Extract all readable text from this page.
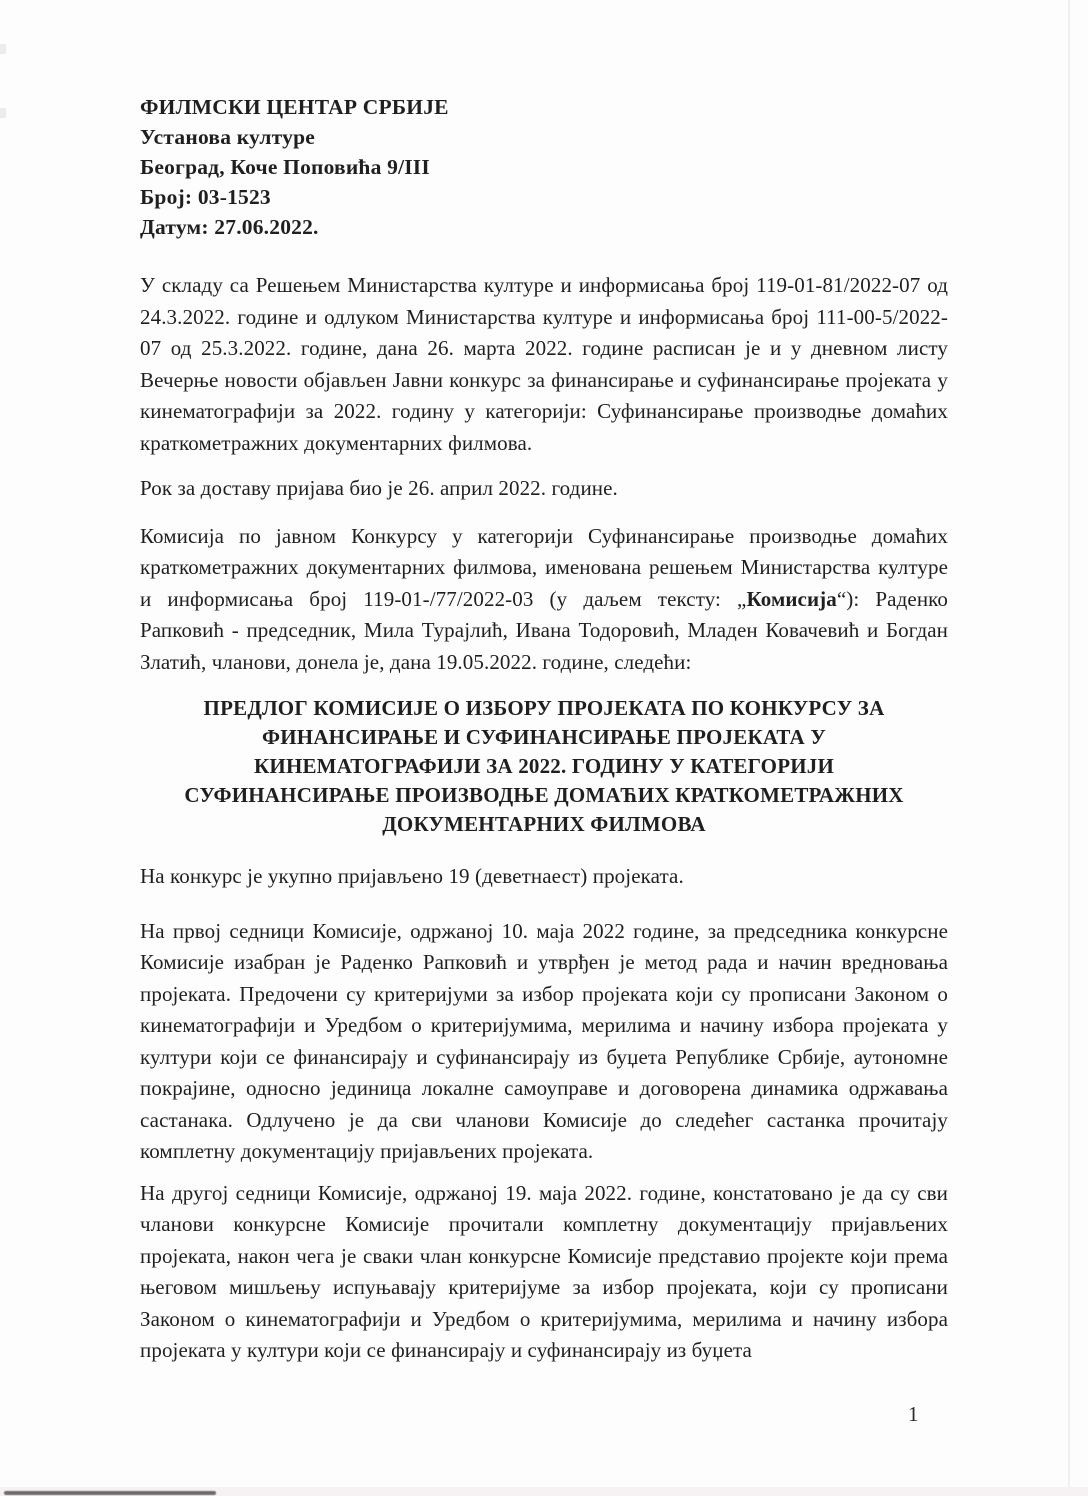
ФИЛМСКИ ЦЕНТАР СРБИЈЕ
Установа културе
Београд, Коче Поповића 9/III
Број: 03-1523
Датум: 27.06.2022.

У складу са Решењем Министарства културе и информисања број 119-01-81/2022-07 од 24.3.2022. године и одлуком Министарства културе и информисања број 111-00-5/2022-07 од 25.3.2022. године, дана 26. марта 2022. године расписан је и у дневном листу Вечерње новости објављен Јавни конкурс за финансирање и суфинансирање пројеката у кинематографији за 2022. годину у категорији: Суфинансирање производње домаћих краткометражних документарних филмова.

Рок за доставу пријава био је 26. април 2022. године.

Комисија по јавном Конкурсу у категорији Суфинансирање производње домаћих краткометражних документарних филмова, именована решењем Министарства културе и информисања број 119-01-/77/2022-03 (у даљем тексту: „Комисија“): Раденко Рапковић - председник, Мила Турајлић, Ивана Тодоровић, Младен Ковачевић и Богдан Златић, чланови, донела је, дана 19.05.2022. године, следећи:

ПРЕДЛОГ КОМИСИЈЕ О ИЗБОРУ ПРОЈЕКАТА ПО КОНКУРСУ ЗА
ФИНАНСИРАЊЕ И СУФИНАНСИРАЊЕ ПРОЈЕКАТА У
КИНЕМАТОГРАФИЈИ ЗА 2022. ГОДИНУ У КАТЕГОРИЈИ
СУФИНАНСИРАЊЕ ПРОИЗВОДЊЕ ДОМАЋИХ КРАТКОМЕТРАЖНИХ
ДОКУМЕНТАРНИХ ФИЛМОВА

На конкурс је укупно пријављено 19 (деветнаест) пројеката.

На првој седници Комисије, одржаној 10. маја 2022 године, за председника конкурсне Комисије изабран је Раденко Рапковић и утврђен је метод рада и начин вредновања пројеката. Предочени су критеријуми за избор пројеката који су прописани Законом о кинематографији и Уредбом о критеријумима, мерилима и начину избора пројеката у култури који се финансирају и суфинансирају из буџета Републике Србије, аутономне покрајине, односно јединица локалне самоуправе и договорена динамика одржавања састанака. Одлучено је да сви чланови Комисије до следећег састанка прочитају комплетну документацију пријављених пројеката.

На другој седници Комисије, одржаној 19. маја 2022. године, констатовано је да су сви чланови конкурсне Комисије прочитали комплетну документацију пријављених пројеката, након чега је сваки члан конкурсне Комисије представио пројекте који према његовом мишљењу испуњавају критеријуме за избор пројеката, који су прописани Законом о кинематографији и Уредбом о критеријумима, мерилима и начину избора пројеката у култури који се финансирају и суфинансирају из буџета

1
